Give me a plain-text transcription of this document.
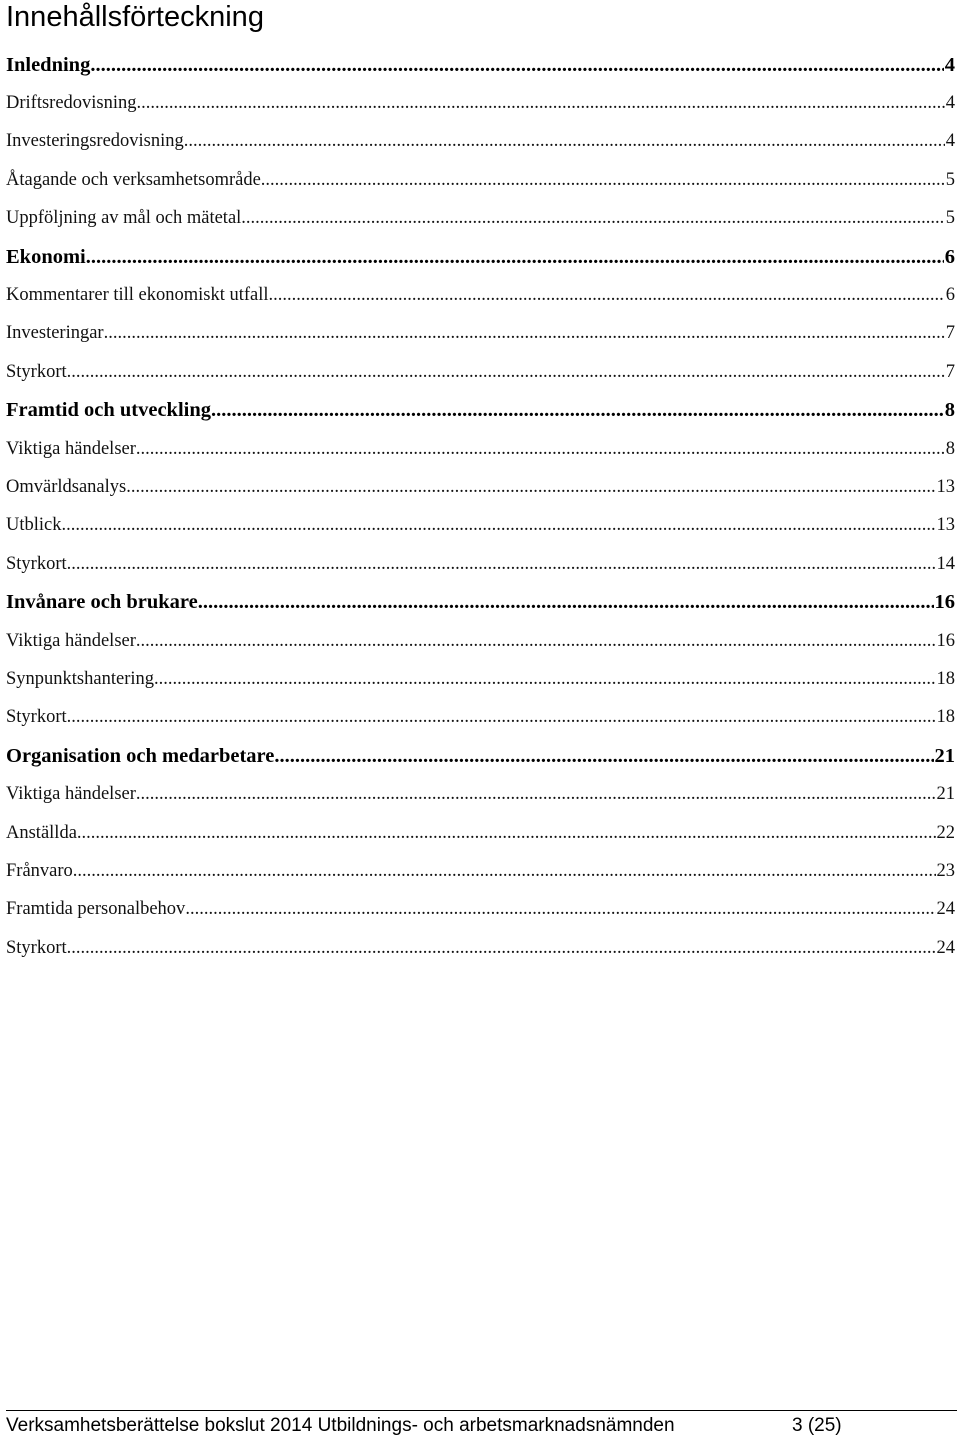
Innehållsförteckning
Inledning .....	4
Driftsredovisning .....	4
Investeringsredovisning .....	4
Åtagande och verksamhetsområde .....	5
Uppföljning av mål och mätetal .....	5
Ekonomi .....	6
Kommentarer till ekonomiskt utfall .....	6
Investeringar .....	7
Styrkort .....	7
Framtid och utveckling .....	8
Viktiga händelser .....	8
Omvärldsanalys .....	13
Utblick .....	13
Styrkort .....	14
Invånare och brukare .....	16
Viktiga händelser .....	16
Synpunktshantering .....	18
Styrkort .....	18
Organisation och medarbetare .....	21
Viktiga händelser .....	21
Anställda .....	22
Frånvaro .....	23
Framtida personalbehov .....	24
Styrkort .....	24
Verksamhetsberättelse bokslut 2014 Utbildnings- och arbetsmarknadsnämnden	3 (25)
